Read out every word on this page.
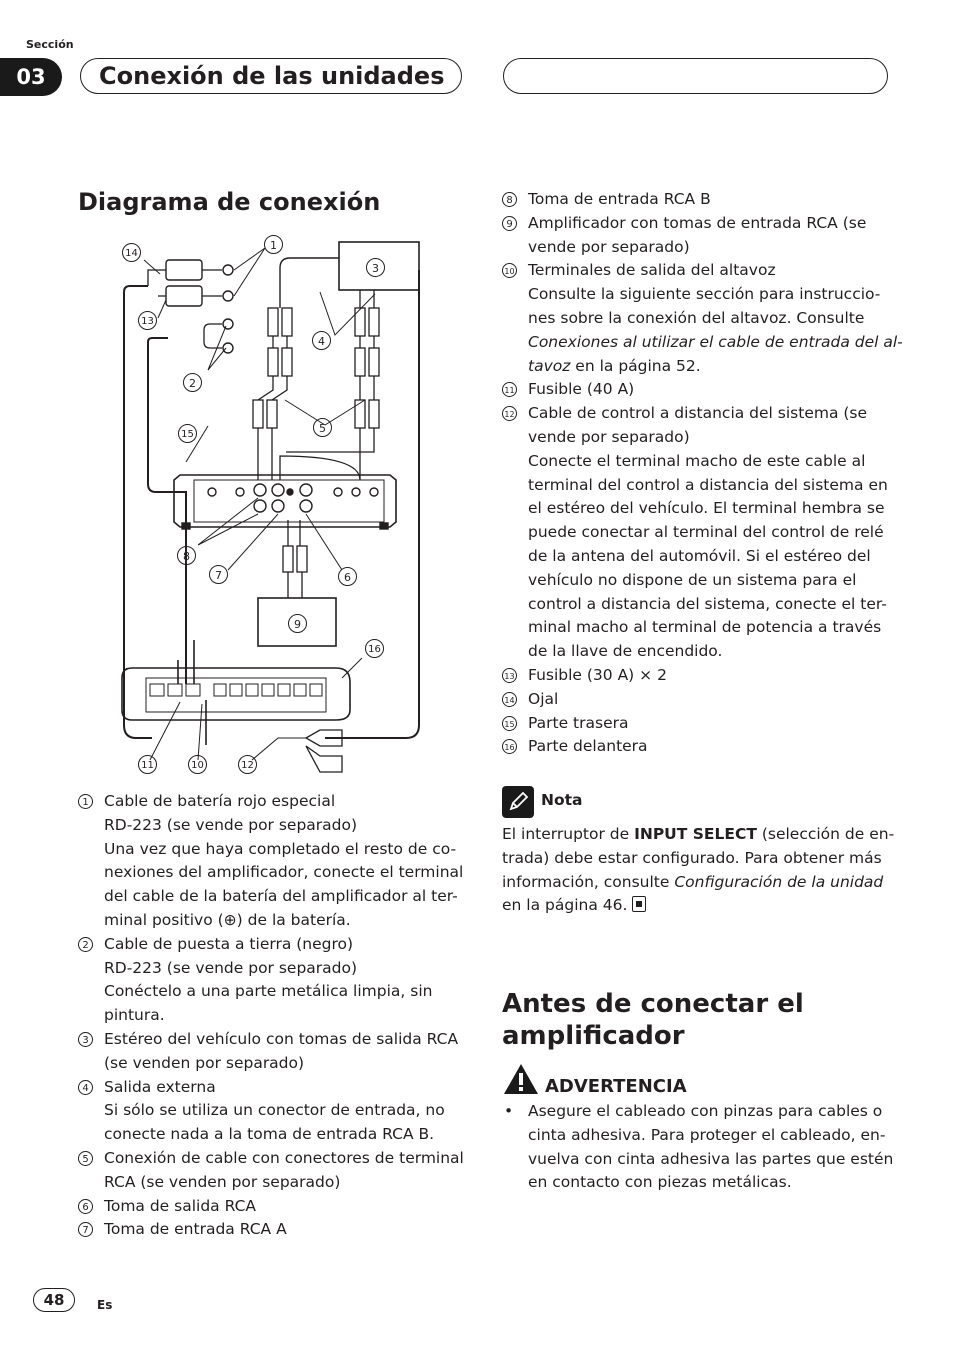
Sección
03	Conexión de las unidades
Diagrama de conexión
1
2
3
4
5
6
7
8
9
10
11	12
13
14
15
16
1 Cable de batería rojo especial
RD-223 (se vende por separado)
Una vez que haya completado el resto de co-
nexiones del amplificador, conecte el terminal
del cable de la batería del amplificador al ter-
minal positivo (⊕) de la batería.
2 Cable de puesta a tierra (negro)
RD-223 (se vende por separado)
Conéctelo a una parte metálica limpia, sin
pintura.
3 Estéreo del vehículo con tomas de salida RCA
(se venden por separado)
4 Salida externa
Si sólo se utiliza un conector de entrada, no
conecte nada a la toma de entrada RCA B.
5 Conexión de cable con conectores de terminal
RCA (se venden por separado)
6 Toma de salida RCA
7 Toma de entrada RCA A
8 Toma de entrada RCA B
9 Amplificador con tomas de entrada RCA (se
vende por separado)
10 Terminales de salida del altavoz
Consulte la siguiente sección para instruccio-
nes sobre la conexión del altavoz. Consulte
Conexiones al utilizar el cable de entrada del al-
tavoz en la página 52.
11 Fusible (40 A)
12 Cable de control a distancia del sistema (se
vende por separado)
Conecte el terminal macho de este cable al
terminal del control a distancia del sistema en
el estéreo del vehículo. El terminal hembra se
puede conectar al terminal del control de relé
de la antena del automóvil. Si el estéreo del
vehículo no dispone de un sistema para el
control a distancia del sistema, conecte el ter-
minal macho al terminal de potencia a través
de la llave de encendido.
13 Fusible (30 A) × 2
14 Ojal
15 Parte trasera
16 Parte delantera
Nota
El interruptor de INPUT SELECT (selección de en-
trada) debe estar configurado. Para obtener más
información, consulte Configuración de la unidad
en la página 46.
Antes de conectar el
amplificador
ADVERTENCIA
• Asegure el cableado con pinzas para cables o
cinta adhesiva. Para proteger el cableado, en-
vuelva con cinta adhesiva las partes que estén
en contacto con piezas metálicas.
48	Es
